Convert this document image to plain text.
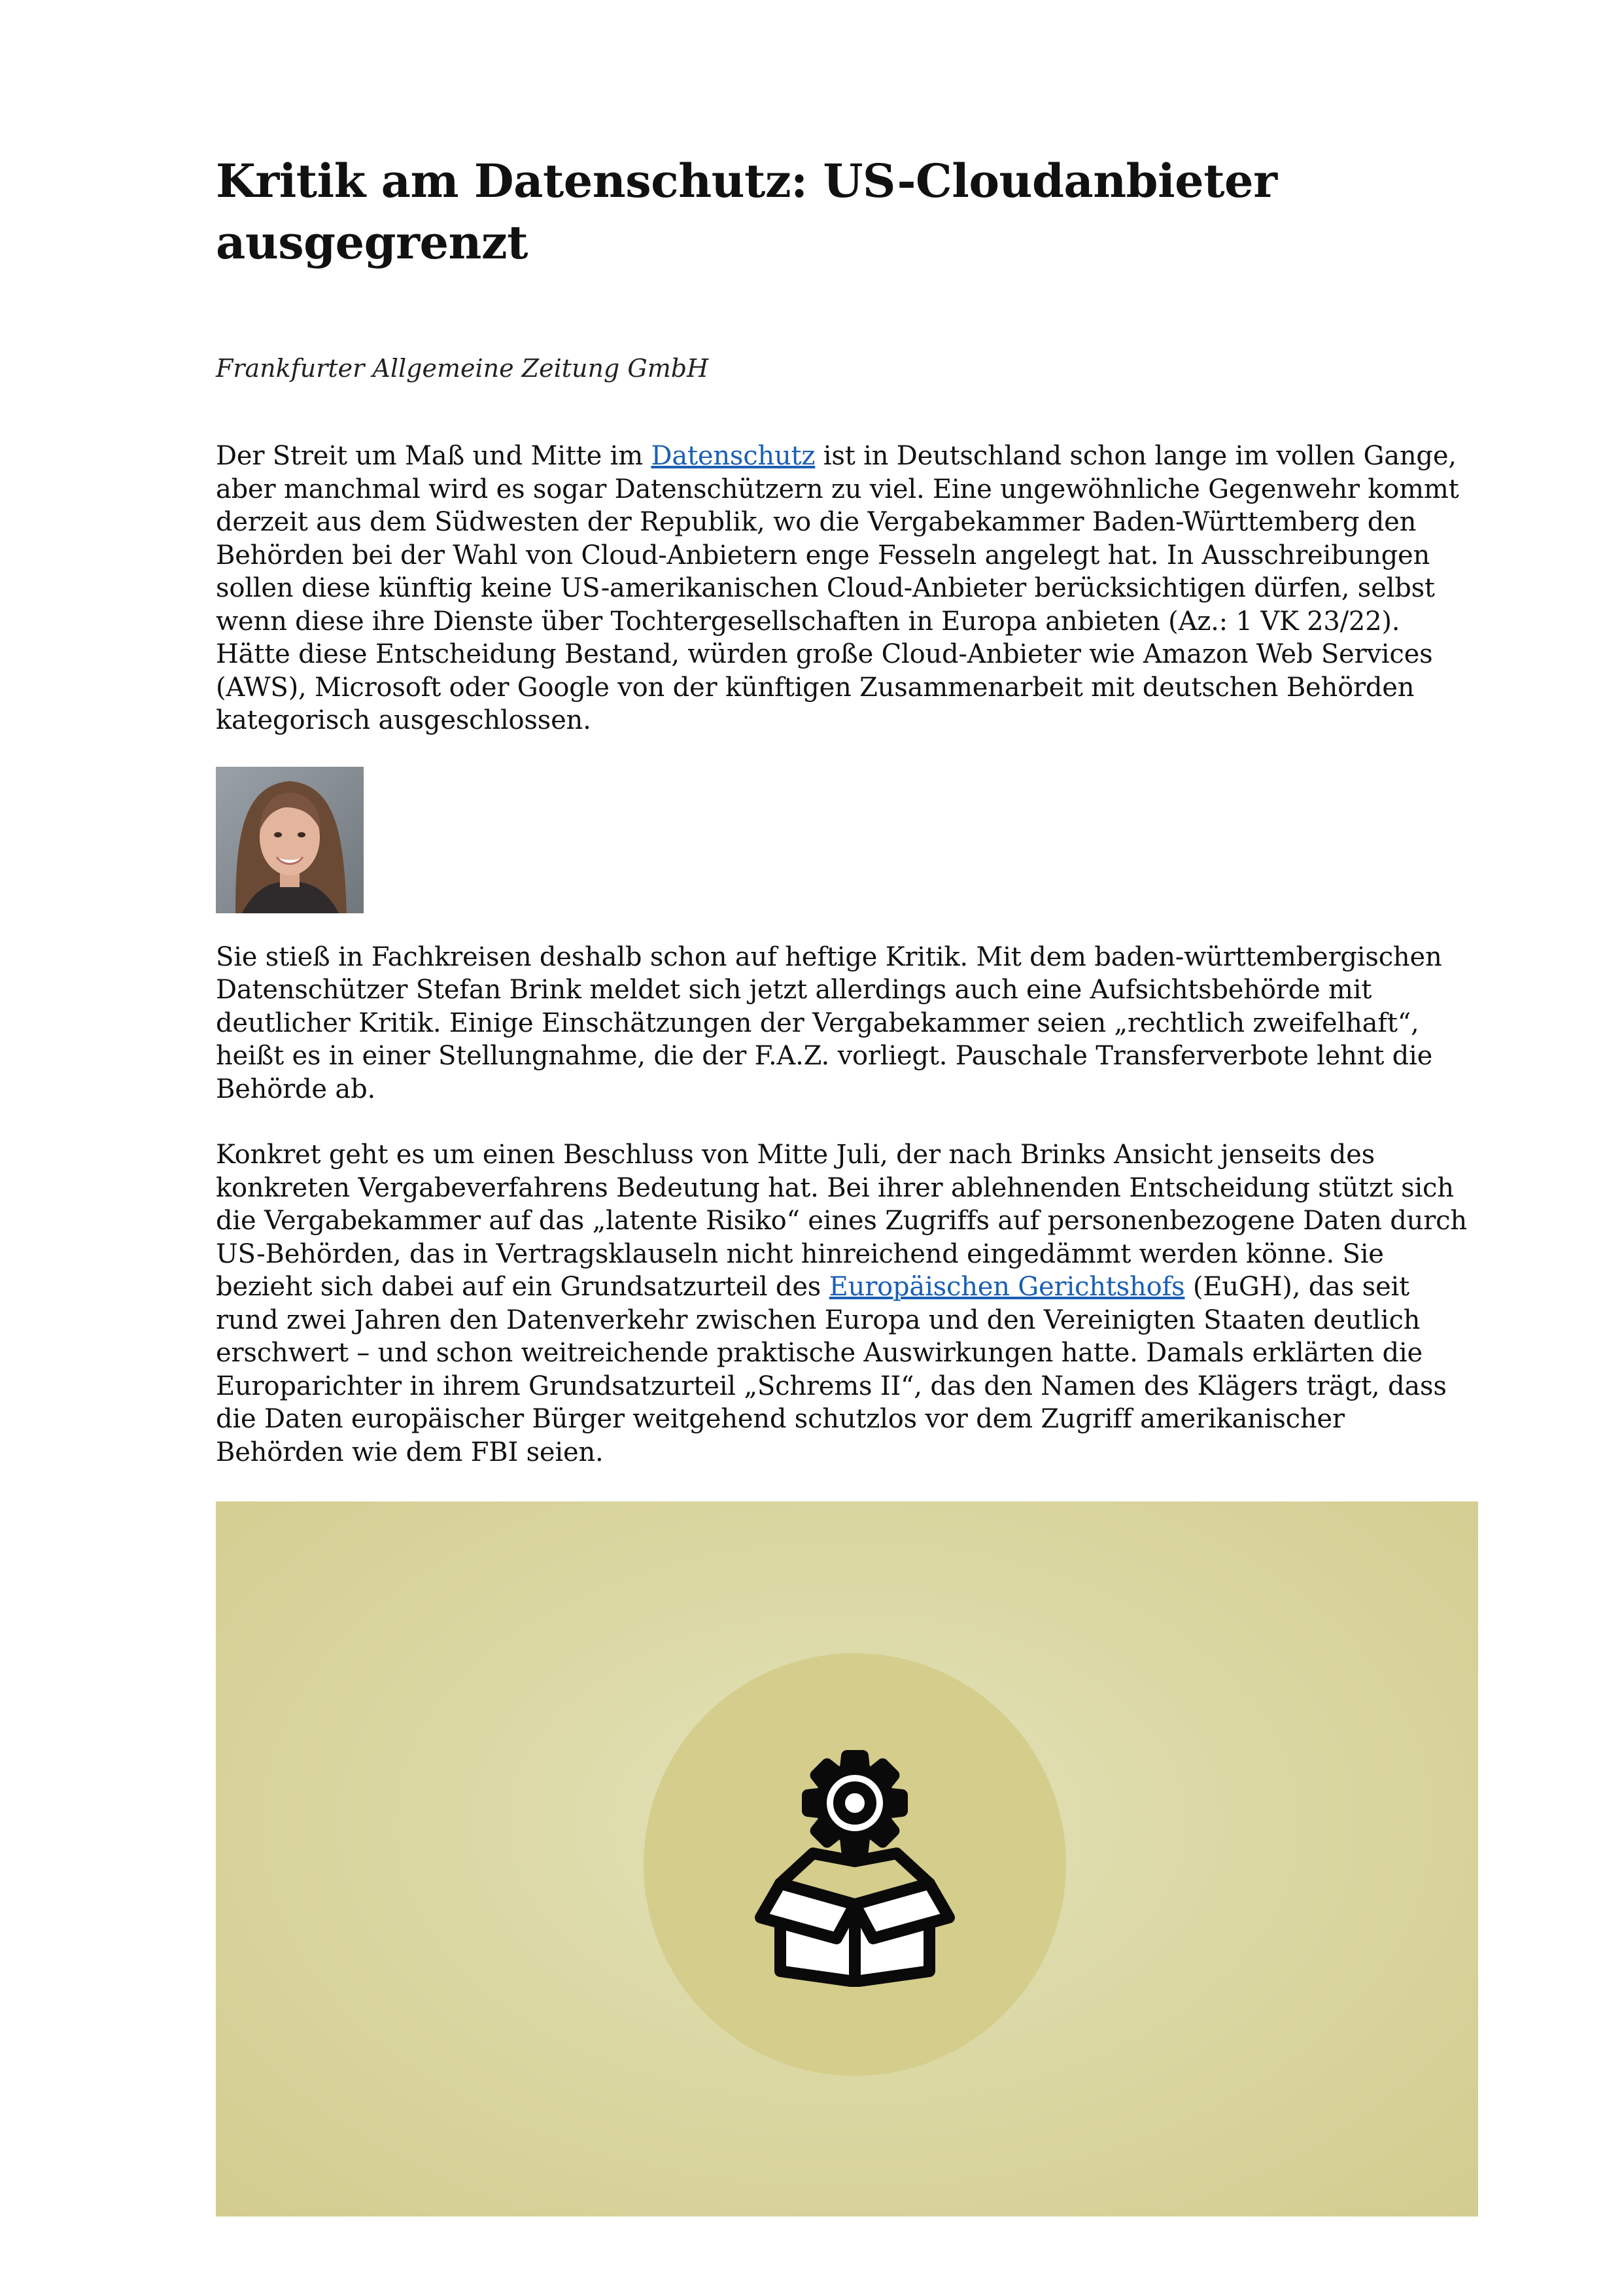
Kritik am Datenschutz: US-Cloudanbieter ausgegrenzt
Frankfurter Allgemeine Zeitung GmbH

Der Streit um Maß und Mitte im Datenschutz ist in Deutschland schon lange im vollen Gange, aber manchmal wird es sogar Datenschützern zu viel. Eine ungewöhnliche Gegenwehr kommt derzeit aus dem Südwesten der Republik, wo die Vergabekammer Baden-Württemberg den Behörden bei der Wahl von Cloud-Anbietern enge Fesseln angelegt hat. In Ausschreibungen sollen diese künftig keine US-amerikanischen Cloud-Anbieter berücksichtigen dürfen, selbst wenn diese ihre Dienste über Tochtergesellschaften in Europa anbieten (Az.: 1 VK 23/22). Hätte diese Entscheidung Bestand, würden große Cloud-Anbieter wie Amazon Web Services (AWS), Microsoft oder Google von der künftigen Zusammenarbeit mit deutschen Behörden kategorisch ausgeschlossen.

Sie stieß in Fachkreisen deshalb schon auf heftige Kritik. Mit dem baden-württembergischen Datenschützer Stefan Brink meldet sich jetzt allerdings auch eine Aufsichtsbehörde mit deutlicher Kritik. Einige Einschätzungen der Vergabekammer seien „rechtlich zweifelhaft“, heißt es in einer Stellungnahme, die der F.A.Z. vorliegt. Pauschale Transferverbote lehnt die Behörde ab.

Konkret geht es um einen Beschluss von Mitte Juli, der nach Brinks Ansicht jenseits des konkreten Vergabeverfahrens Bedeutung hat. Bei ihrer ablehnenden Entscheidung stützt sich die Vergabekammer auf das „latente Risiko“ eines Zugriffs auf personenbezogene Daten durch US-Behörden, das in Vertragsklauseln nicht hinreichend eingedämmt werden könne. Sie bezieht sich dabei auf ein Grundsatzurteil des Europäischen Gerichtshofs (EuGH), das seit rund zwei Jahren den Datenverkehr zwischen Europa und den Vereinigten Staaten deutlich erschwert – und schon weitreichende praktische Auswirkungen hatte. Damals erklärten die Europarichter in ihrem Grundsatzurteil „Schrems II“, das den Namen des Klägers trägt, dass die Daten europäischer Bürger weitgehend schutzlos vor dem Zugriff amerikanischer Behörden wie dem FBI seien.
